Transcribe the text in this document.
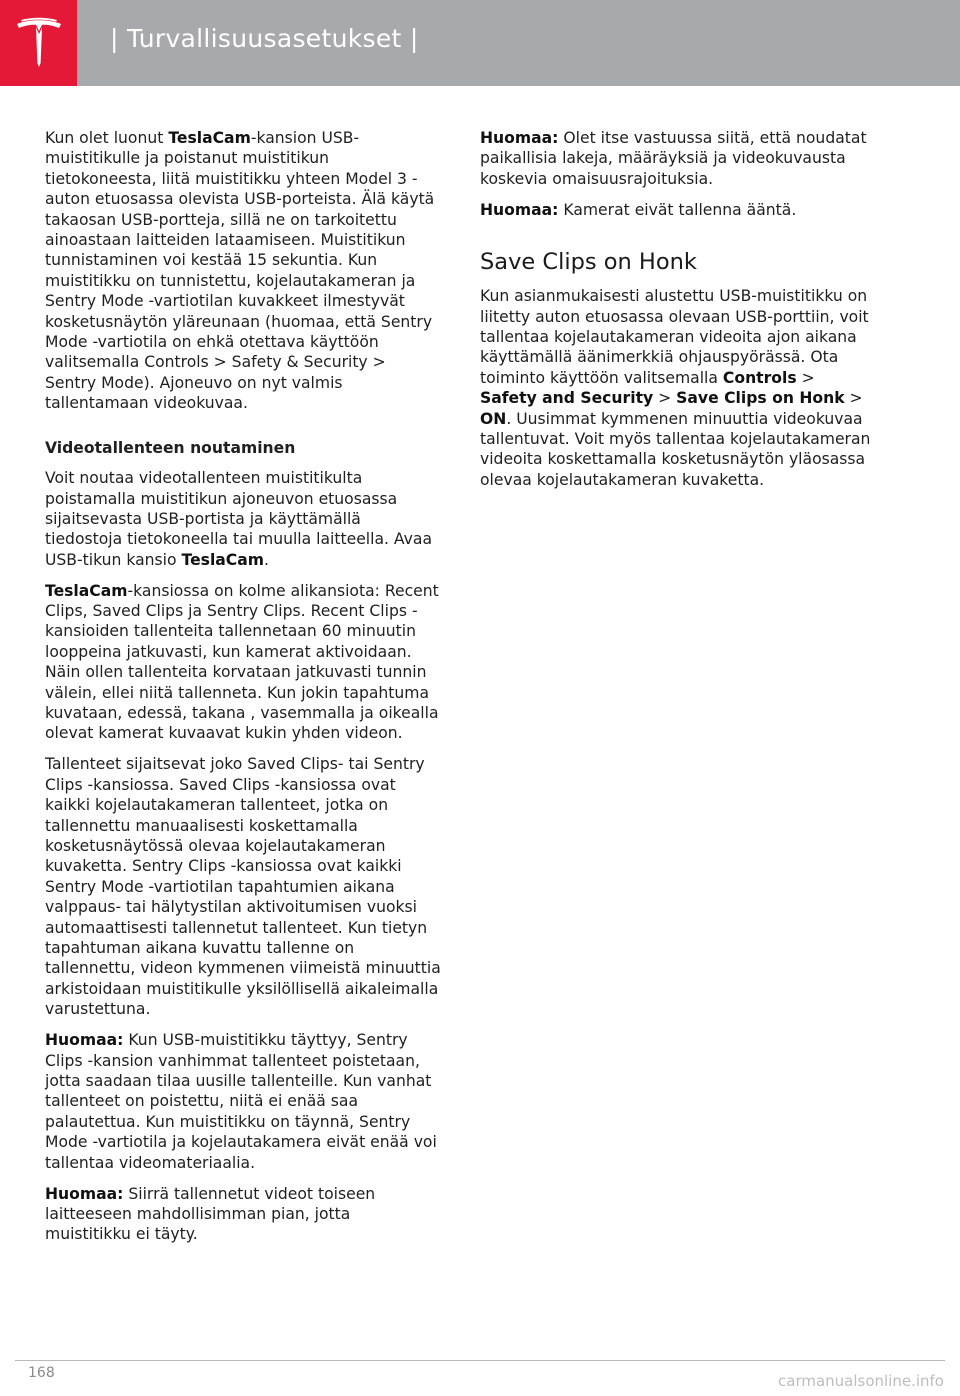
| Turvallisuusasetukset |

Kun olet luonut TeslaCam-kansion USB-muistitikulle ja poistanut muistitikun tietokoneesta, liitä muistitikku yhteen Model 3 -auton etuosassa olevista USB-porteista. Älä käytä takaosan USB-portteja, sillä ne on tarkoitettu ainoastaan laitteiden lataamiseen. Muistitikun tunnistaminen voi kestää 15 sekuntia. Kun muistitikku on tunnistettu, kojelautakameran ja Sentry Mode -vartiotilan kuvakkeet ilmestyvät kosketusnäytön yläreunaan (huomaa, että Sentry Mode -vartiotila on ehkä otettava käyttöön valitsemalla Controls > Safety & Security > Sentry Mode). Ajoneuvo on nyt valmis tallentamaan videokuvaa.

Videotallenteen noutaminen

Voit noutaa videotallenteen muistitikulta poistamalla muistitikun ajoneuvon etuosassa sijaitsevasta USB-portista ja käyttämällä tiedostoja tietokoneella tai muulla laitteella. Avaa USB-tikun kansio TeslaCam.

TeslaCam-kansiossa on kolme alikansiota: Recent Clips, Saved Clips ja Sentry Clips. Recent Clips -kansioiden tallenteita tallennetaan 60 minuutin looppeina jatkuvasti, kun kamerat aktivoidaan. Näin ollen tallenteita korvataan jatkuvasti tunnin välein, ellei niitä tallenneta. Kun jokin tapahtuma kuvataan, edessä, takana , vasemmalla ja oikealla olevat kamerat kuvaavat kukin yhden videon.

Tallenteet sijaitsevat joko Saved Clips- tai Sentry Clips -kansiossa. Saved Clips -kansiossa ovat kaikki kojelautakameran tallenteet, jotka on tallennettu manuaalisesti koskettamalla kosketusnäytössä olevaa kojelautakameran kuvaketta. Sentry Clips -kansiossa ovat kaikki Sentry Mode -vartiotilan tapahtumien aikana valppaus- tai hälytystilan aktivoitumisen vuoksi automaattisesti tallennetut tallenteet. Kun tietyn tapahtuman aikana kuvattu tallenne on tallennettu, videon kymmenen viimeistä minuuttia arkistoidaan muistitikulle yksilöllisellä aikaleimalla varustettuna.

Huomaa: Kun USB-muistitikku täyttyy, Sentry Clips -kansion vanhimmat tallenteet poistetaan, jotta saadaan tilaa uusille tallenteille. Kun vanhat tallenteet on poistettu, niitä ei enää saa palautettua. Kun muistitikku on täynnä, Sentry Mode -vartiotila ja kojelautakamera eivät enää voi tallentaa videomateriaalia.

Huomaa: Siirrä tallennetut videot toiseen laitteeseen mahdollisimman pian, jotta muistitikku ei täyty.

Huomaa: Olet itse vastuussa siitä, että noudatat paikallisia lakeja, määräyksiä ja videokuvausta koskevia omaisuusrajoituksia.

Huomaa: Kamerat eivät tallenna ääntä.

Save Clips on Honk

Kun asianmukaisesti alustettu USB-muistitikku on liitetty auton etuosassa olevaan USB-porttiin, voit tallentaa kojelautakameran videoita ajon aikana käyttämällä äänimerkkiä ohjauspyörässä. Ota toiminto käyttöön valitsemalla Controls > Safety and Security > Save Clips on Honk > ON. Uusimmat kymmenen minuuttia videokuvaa tallentuvat. Voit myös tallentaa kojelautakameran videoita koskettamalla kosketusnäytön yläosassa olevaa kojelautakameran kuvaketta.

168	carmanualsonline.info
